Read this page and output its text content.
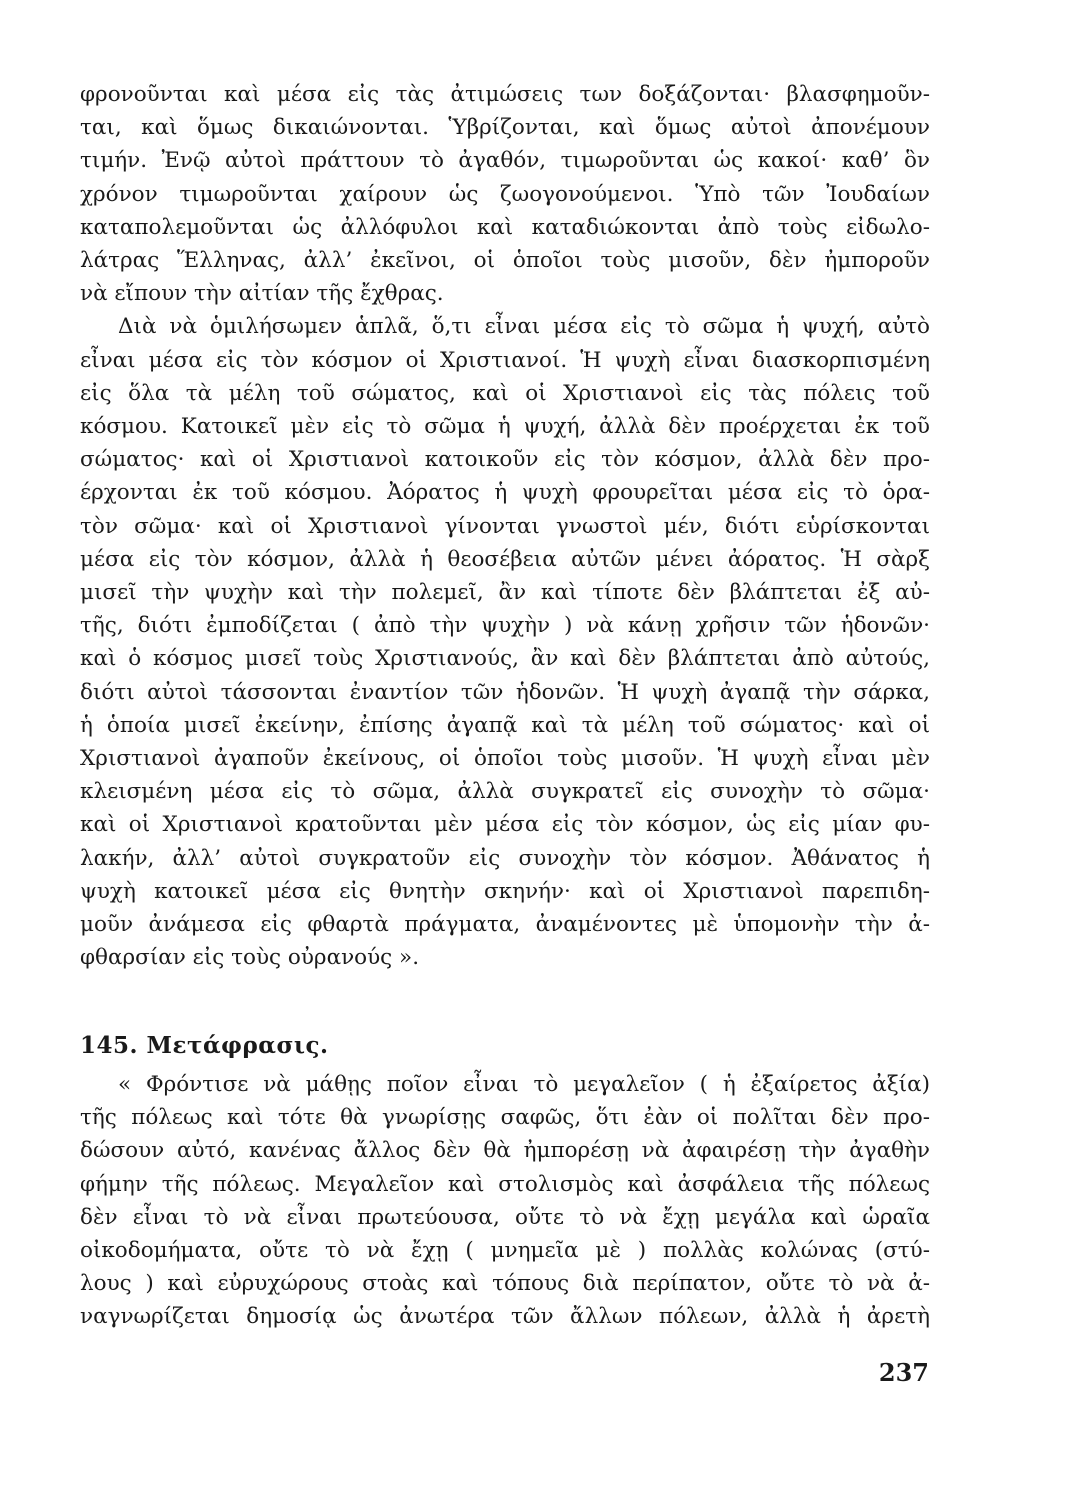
φρονοῦνται καὶ μέσα εἰς τὰς ἀτιμώσεις των δοξάζονται· βλασφημοῦν-
ται, καὶ ὅμως δικαιώνονται. Ὑβρίζονται, καὶ ὅμως αὐτοὶ ἀπονέμουν
τιμήν. Ἐνῷ αὐτοὶ πράττουν τὸ ἀγαθόν, τιμωροῦνται ὡς κακοί· καθ’ ὃν
χρόνον τιμωροῦνται χαίρουν ὡς ζωογονούμενοι. Ὑπὸ τῶν Ἰουδαίων
καταπολεμοῦνται ὡς ἀλλόφυλοι καὶ καταδιώκονται ἀπὸ τοὺς εἰδωλο-
λάτρας Ἕλληνας, ἀλλ’ ἐκεῖνοι, οἱ ὁποῖοι τοὺς μισοῦν, δὲν ἠμποροῦν
νὰ εἴπουν τὴν αἰτίαν τῆς ἔχθρας.
Διὰ νὰ ὁμιλήσωμεν ἁπλᾶ, ὅ,τι εἶναι μέσα εἰς τὸ σῶμα ἡ ψυχή, αὐτὸ
εἶναι μέσα εἰς τὸν κόσμον οἱ Χριστιανοί. Ἡ ψυχὴ εἶναι διασκορπισμένη
εἰς ὅλα τὰ μέλη τοῦ σώματος, καὶ οἱ Χριστιανοὶ εἰς τὰς πόλεις τοῦ
κόσμου. Κατοικεῖ μὲν εἰς τὸ σῶμα ἡ ψυχή, ἀλλὰ δὲν προέρχεται ἐκ τοῦ
σώματος· καὶ οἱ Χριστιανοὶ κατοικοῦν εἰς τὸν κόσμον, ἀλλὰ δὲν προ-
έρχονται ἐκ τοῦ κόσμου. Ἀόρατος ἡ ψυχὴ φρουρεῖται μέσα εἰς τὸ ὁρα-
τὸν σῶμα· καὶ οἱ Χριστιανοὶ γίνονται γνωστοὶ μέν, διότι εὑρίσκονται
μέσα εἰς τὸν κόσμον, ἀλλὰ ἡ θεοσέβεια αὐτῶν μένει ἀόρατος. Ἡ σὰρξ
μισεῖ τὴν ψυχὴν καὶ τὴν πολεμεῖ, ἂν καὶ τίποτε δὲν βλάπτεται ἐξ αὐ-
τῆς, διότι ἐμποδίζεται ( ἀπὸ τὴν ψυχὴν ) νὰ κάνῃ χρῆσιν τῶν ἡδονῶν·
καὶ ὁ κόσμος μισεῖ τοὺς Χριστιανούς, ἂν καὶ δὲν βλάπτεται ἀπὸ αὐτούς,
διότι αὐτοὶ τάσσονται ἐναντίον τῶν ἡδονῶν. Ἡ ψυχὴ ἀγαπᾷ τὴν σάρκα,
ἡ ὁποία μισεῖ ἐκείνην, ἐπίσης ἀγαπᾷ καὶ τὰ μέλη τοῦ σώματος· καὶ οἱ
Χριστιανοὶ ἀγαποῦν ἐκείνους, οἱ ὁποῖοι τοὺς μισοῦν. Ἡ ψυχὴ εἶναι μὲν
κλεισμένη μέσα εἰς τὸ σῶμα, ἀλλὰ συγκρατεῖ εἰς συνοχὴν τὸ σῶμα·
καὶ οἱ Χριστιανοὶ κρατοῦνται μὲν μέσα εἰς τὸν κόσμον, ὡς εἰς μίαν φυ-
λακήν, ἀλλ’ αὐτοὶ συγκρατοῦν εἰς συνοχὴν τὸν κόσμον. Ἀθάνατος ἡ
ψυχὴ κατοικεῖ μέσα εἰς θνητὴν σκηνήν· καὶ οἱ Χριστιανοὶ παρεπιδη-
μοῦν ἀνάμεσα εἰς φθαρτὰ πράγματα, ἀναμένοντες μὲ ὑπομονὴν τὴν ἀ-
φθαρσίαν εἰς τοὺς οὐρανούς ».
145. Μετάφρασις.
« Φρόντισε νὰ μάθῃς ποῖον εἶναι τὸ μεγαλεῖον ( ἡ ἐξαίρετος ἀξία)
τῆς πόλεως καὶ τότε θὰ γνωρίσῃς σαφῶς, ὅτι ἐὰν οἱ πολῖται δὲν προ-
δώσουν αὐτό, κανένας ἄλλος δὲν θὰ ἠμπορέσῃ νὰ ἀφαιρέσῃ τὴν ἀγαθὴν
φήμην τῆς πόλεως. Μεγαλεῖον καὶ στολισμὸς καὶ ἀσφάλεια τῆς πόλεως
δὲν εἶναι τὸ νὰ εἶναι πρωτεύουσα, οὔτε τὸ νὰ ἔχῃ μεγάλα καὶ ὡραῖα
οἰκοδομήματα, οὔτε τὸ νὰ ἔχῃ ( μνημεῖα μὲ ) πολλὰς κολώνας (στύ-
λους ) καὶ εὐρυχώρους στοὰς καὶ τόπους διὰ περίπατον, οὔτε τὸ νὰ ἀ-
ναγνωρίζεται δημοσίᾳ ὡς ἀνωτέρα τῶν ἄλλων πόλεων, ἀλλὰ ἡ ἀρετὴ
237
